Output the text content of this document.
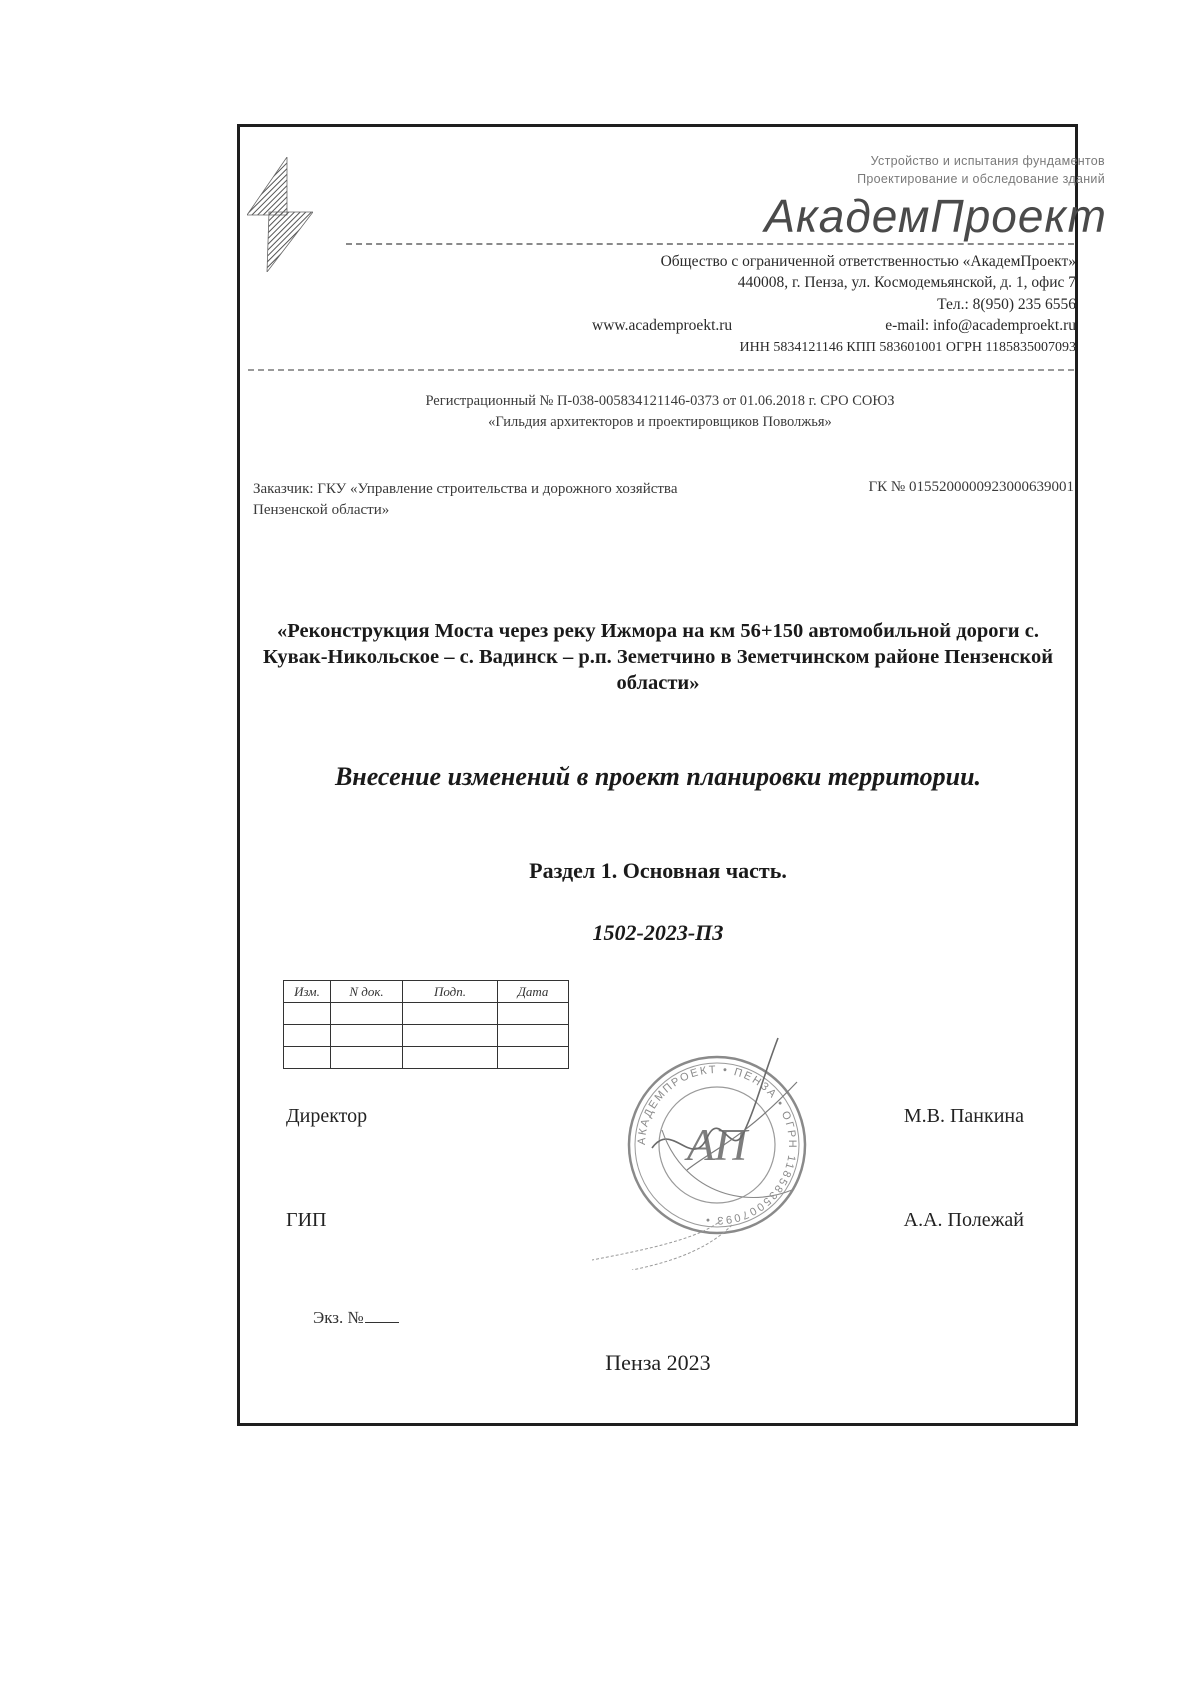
Устройство и испытания фундаментов
Проектирование и обследование зданий
АкадемПроект
Общество с ограниченной ответственностью «АкадемПроект»
440008, г. Пенза, ул. Космодемьянской, д. 1, офис 7
Тел.: 8(950) 235 6556
www.academproekt.ru	e-mail: info@academproekt.ru
ИНН 5834121146 КПП 583601001 ОГРН 1185835007093
Регистрационный № П-038-005834121146-0373 от 01.06.2018 г. СРО СОЮЗ
«Гильдия архитекторов и проектировщиков Поволжья»
Заказчик: ГКУ «Управление строительства и дорожного хозяйства Пензенской области»
ГК № 0155200000923000639001
«Реконструкция Моста через реку Ижмора на км 56+150 автомобильной дороги с. Кувак-Никольское – с. Вадинск – р.п. Земетчино в Земетчинском районе Пензенской области»
Внесение изменений в проект планировки территории.
Раздел 1. Основная часть.
1502-2023-ПЗ
Изм.	N док.	Подп.	Дата

АКАДЕМПРОЕКТ • ПЕНЗА • ОГРН 1185835007093 •
АП
Директор	М.В. Панкина
ГИП	А.А. Полежай
Экз. №
Пенза 2023
